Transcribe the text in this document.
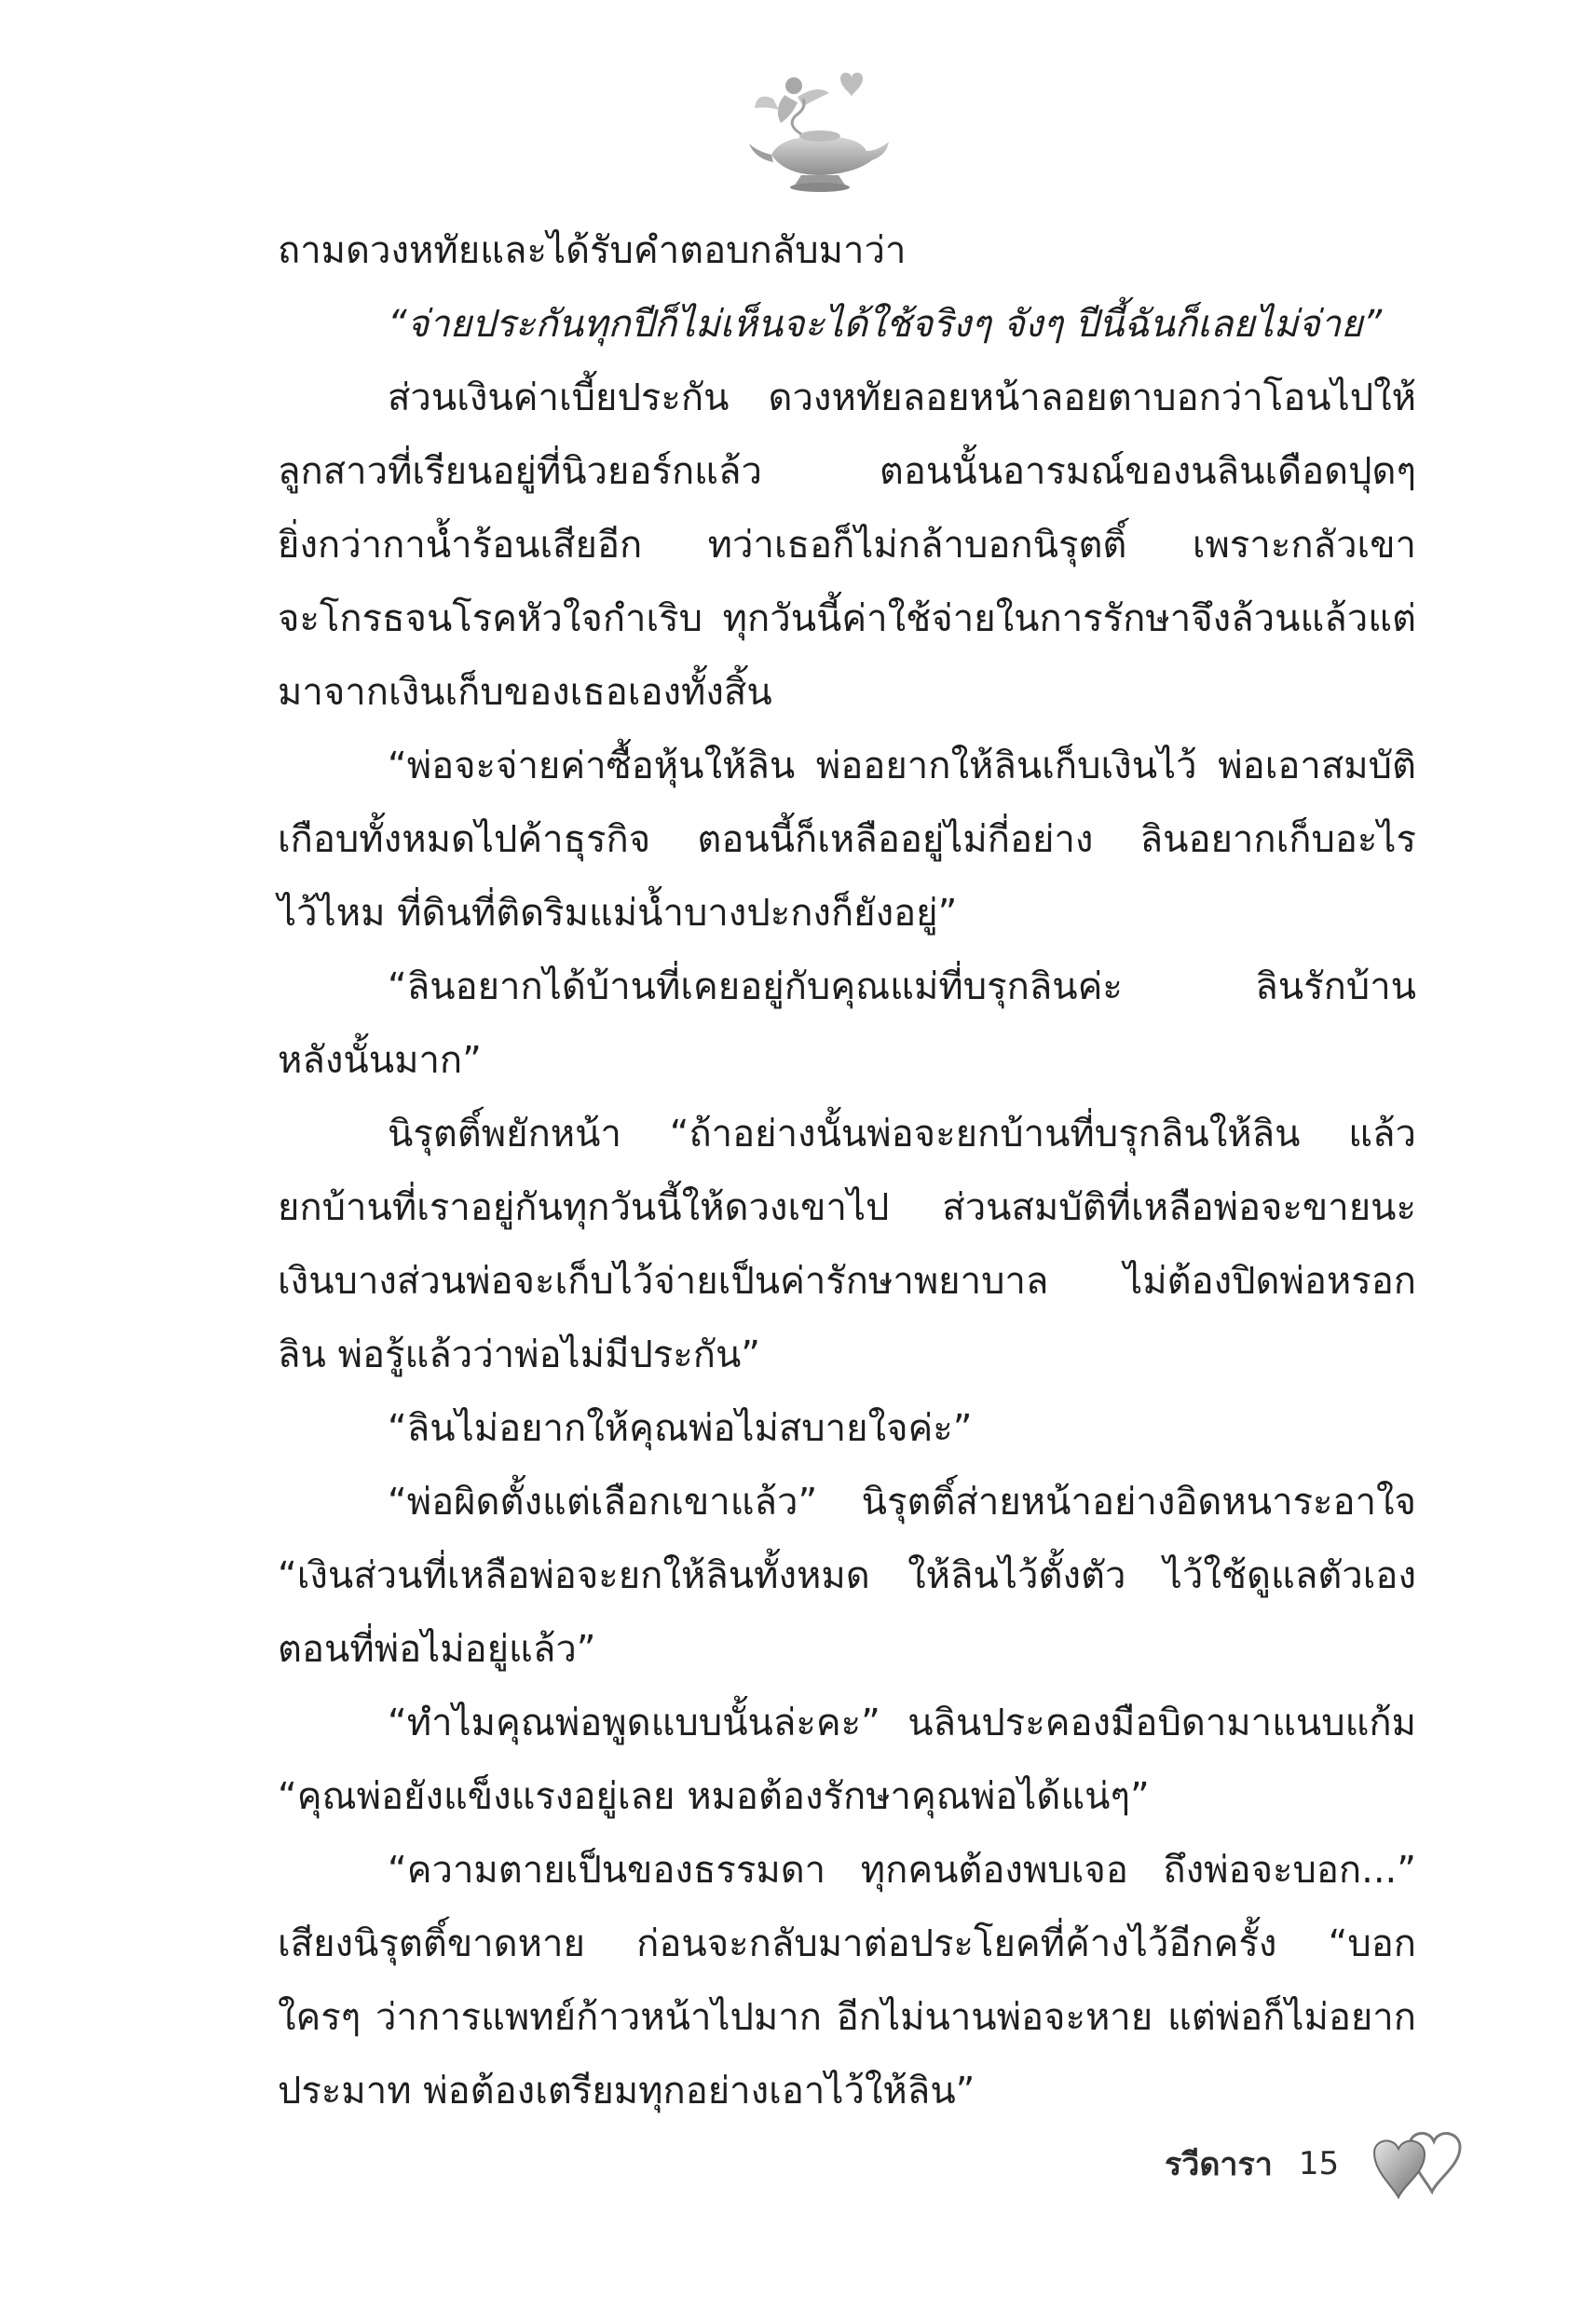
ถามดวงหทัยและได้รับคำตอบกลับมาว่า
“จ่ายประกันทุกปีก็ไม่เห็นจะได้ใช้จริงๆ จังๆ ปีนี้ฉันก็เลยไม่จ่าย”
ส่วนเงินค่าเบี้ยประกัน ดวงหทัยลอยหน้าลอยตาบอกว่าโอนไปให้
ลูกสาวที่เรียนอยู่ที่นิวยอร์กแล้ว ตอนนั้นอารมณ์ของนลินเดือดปุดๆ
ยิ่งกว่ากาน้ำร้อนเสียอีก ทว่าเธอก็ไม่กล้าบอกนิรุตติ์ เพราะกลัวเขา
จะโกรธจนโรคหัวใจกำเริบ ทุกวันนี้ค่าใช้จ่ายในการรักษาจึงล้วนแล้วแต่
มาจากเงินเก็บของเธอเองทั้งสิ้น
“พ่อจะจ่ายค่าซื้อหุ้นให้ลิน พ่ออยากให้ลินเก็บเงินไว้ พ่อเอาสมบัติ
เกือบทั้งหมดไปค้าธุรกิจ ตอนนี้ก็เหลืออยู่ไม่กี่อย่าง ลินอยากเก็บอะไร
ไว้ไหม ที่ดินที่ติดริมแม่น้ำบางปะกงก็ยังอยู่”
“ลินอยากได้บ้านที่เคยอยู่กับคุณแม่ที่บรุกลินค่ะ ลินรักบ้าน
หลังนั้นมาก”
นิรุตติ์พยักหน้า “ถ้าอย่างนั้นพ่อจะยกบ้านที่บรุกลินให้ลิน แล้ว
ยกบ้านที่เราอยู่กันทุกวันนี้ให้ดวงเขาไป ส่วนสมบัติที่เหลือพ่อจะขายนะ
เงินบางส่วนพ่อจะเก็บไว้จ่ายเป็นค่ารักษาพยาบาล ไม่ต้องปิดพ่อหรอก
ลิน พ่อรู้แล้วว่าพ่อไม่มีประกัน”
“ลินไม่อยากให้คุณพ่อไม่สบายใจค่ะ”
“พ่อผิดตั้งแต่เลือกเขาแล้ว” นิรุตติ์ส่ายหน้าอย่างอิดหนาระอาใจ
“เงินส่วนที่เหลือพ่อจะยกให้ลินทั้งหมด ให้ลินไว้ตั้งตัว ไว้ใช้ดูแลตัวเอง
ตอนที่พ่อไม่อยู่แล้ว”
“ทำไมคุณพ่อพูดแบบนั้นล่ะคะ” นลินประคองมือบิดามาแนบแก้ม
“คุณพ่อยังแข็งแรงอยู่เลย หมอต้องรักษาคุณพ่อได้แน่ๆ”
“ความตายเป็นของธรรมดา ทุกคนต้องพบเจอ ถึงพ่อจะบอก...”
เสียงนิรุตติ์ขาดหาย ก่อนจะกลับมาต่อประโยคที่ค้างไว้อีกครั้ง “บอก
ใครๆ ว่าการแพทย์ก้าวหน้าไปมาก อีกไม่นานพ่อจะหาย แต่พ่อก็ไม่อยาก
ประมาท พ่อต้องเตรียมทุกอย่างเอาไว้ให้ลิน”
รวีดารา 15
